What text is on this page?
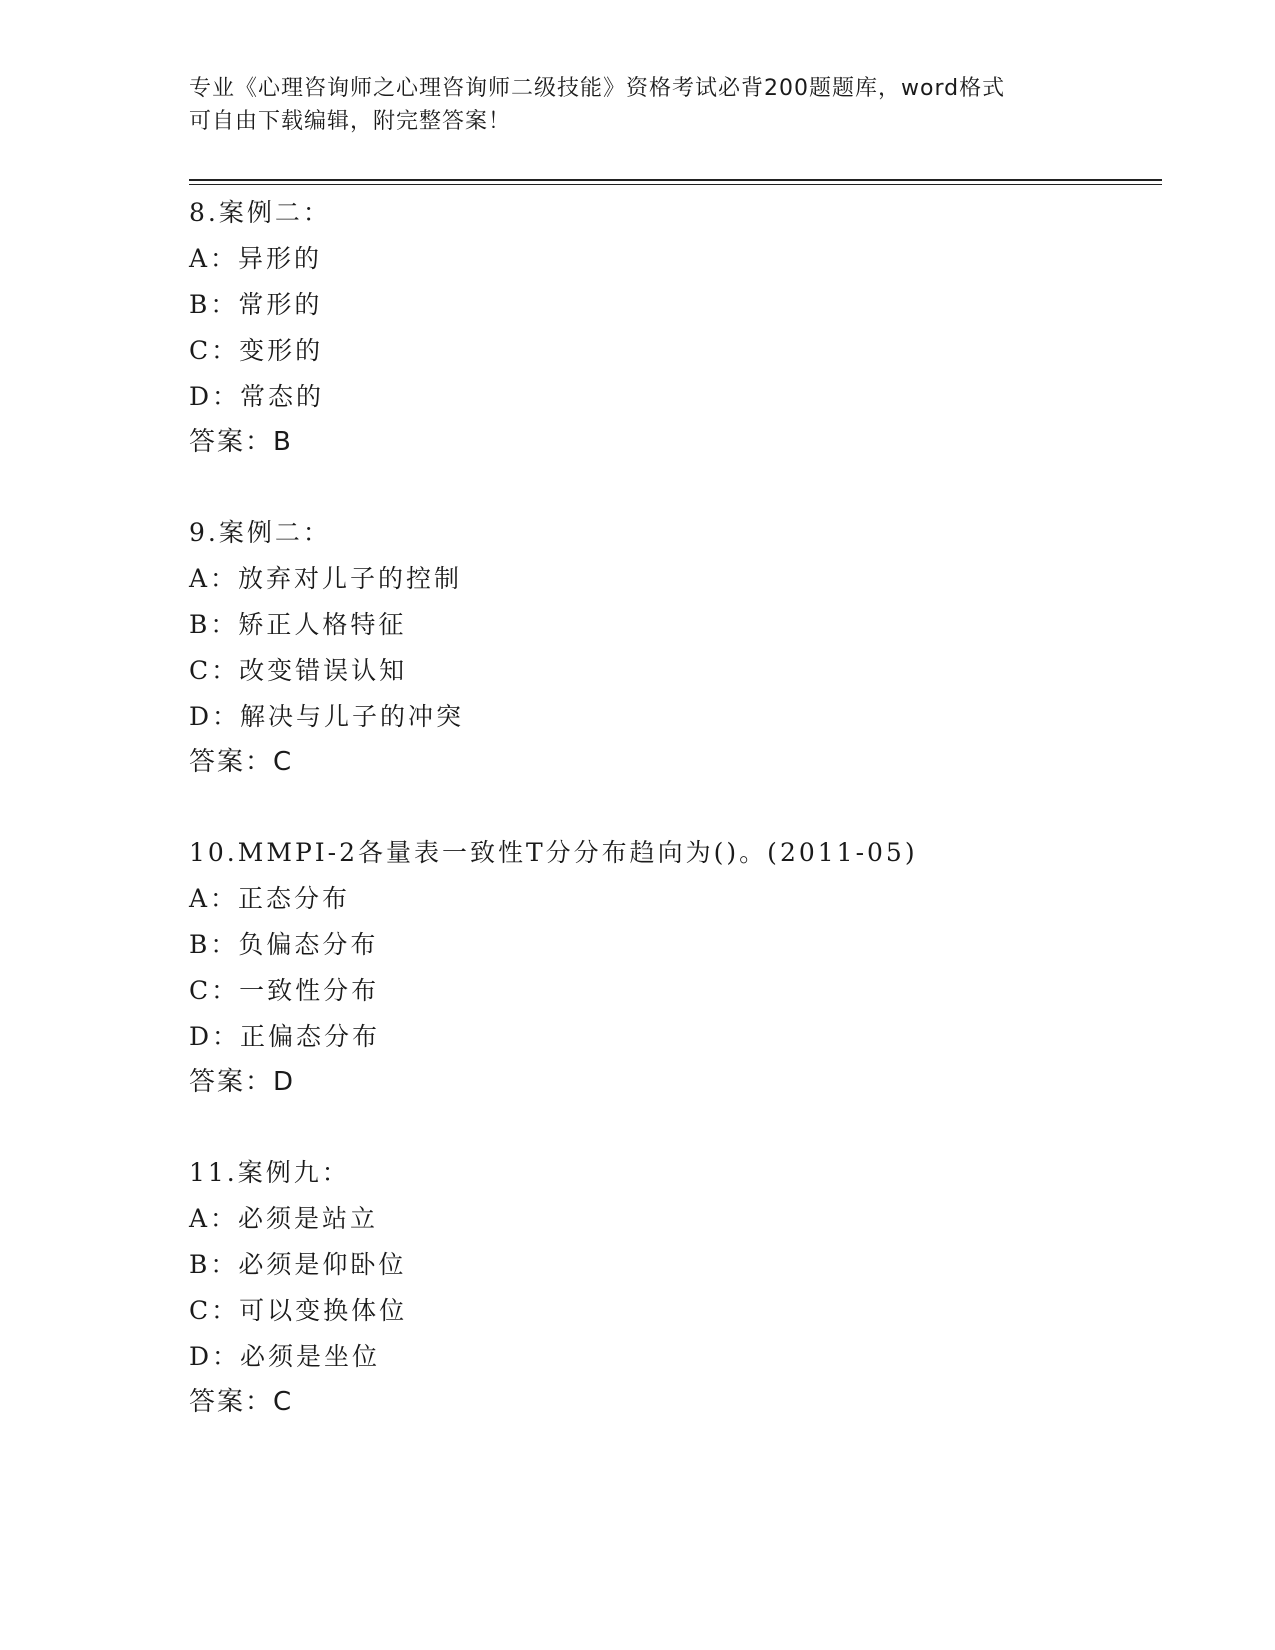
专业《心理咨询师之心理咨询师二级技能》资格考试必背200题题库，word格式
可自由下载编辑，附完整答案！
8.案例二：
A：异形的
B：常形的
C：变形的
D：常态的
答案：B
9.案例二：
A：放弃对儿子的控制
B：矫正人格特征
C：改变错误认知
D：解决与儿子的冲突
答案：C
10.MMPI-2各量表一致性T分分布趋向为()。(2011-05)
A：正态分布
B：负偏态分布
C：一致性分布
D：正偏态分布
答案：D
11.案例九：
A：必须是站立
B：必须是仰卧位
C：可以变换体位
D：必须是坐位
答案：C
